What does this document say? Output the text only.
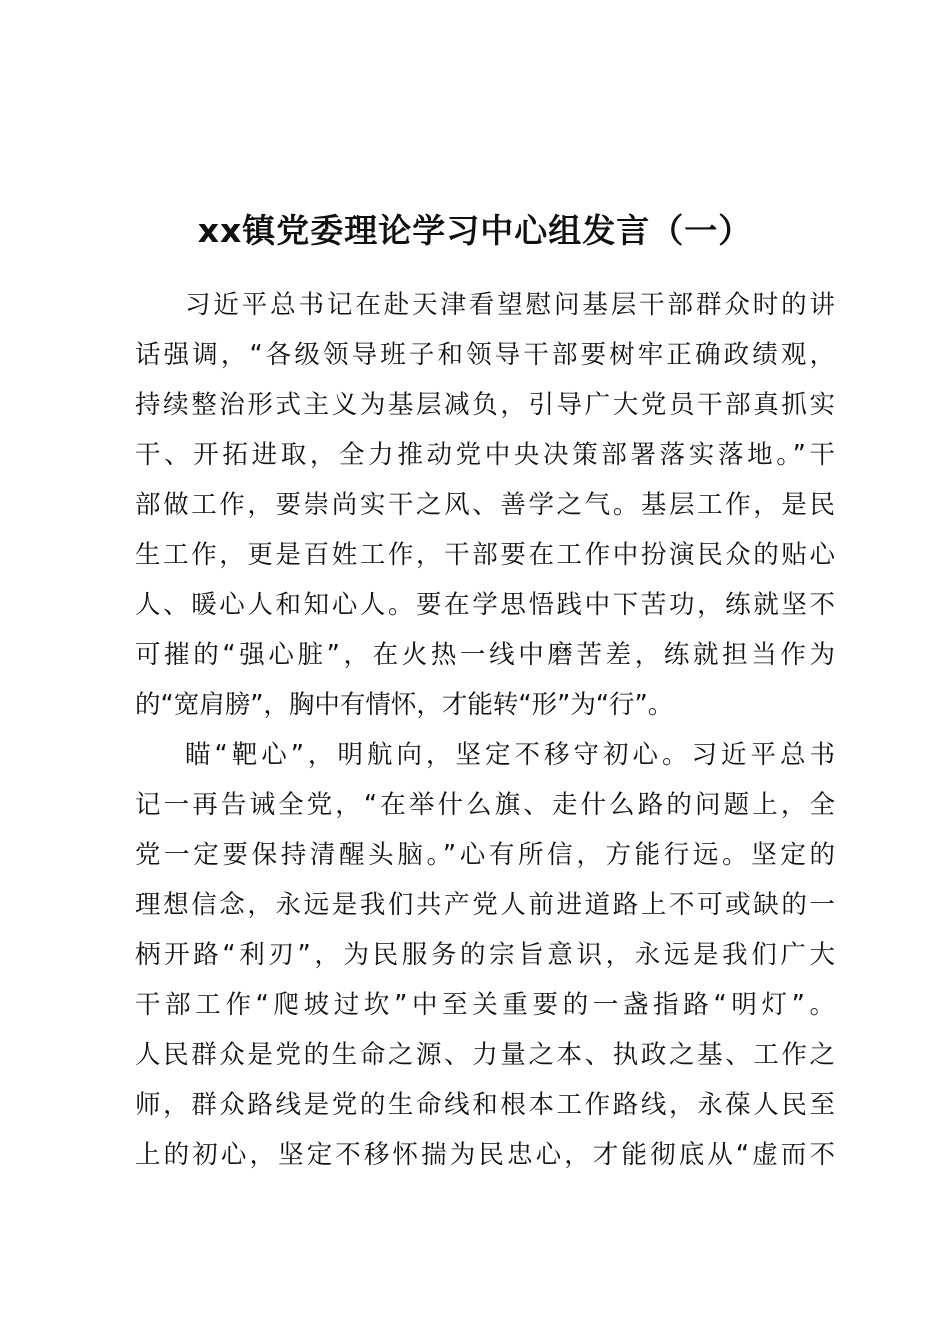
xx镇党委理论学习中心组发言（一）
习近平总书记在赴天津看望慰问基层干部群众时的讲
话强调，“各级领导班子和领导干部要树牢正确政绩观，
持续整治形式主义为基层减负，引导广大党员干部真抓实
干、开拓进取，全力推动党中央决策部署落实落地。”干
部做工作，要崇尚实干之风、善学之气。基层工作，是民
生工作，更是百姓工作，干部要在工作中扮演民众的贴心
人、暖心人和知心人。要在学思悟践中下苦功，练就坚不
可摧的“强心脏”，在火热一线中磨苦差，练就担当作为
的“宽肩膀”，胸中有情怀，才能转“形”为“行”。
瞄“靶心”，明航向，坚定不移守初心。习近平总书
记一再告诫全党，“在举什么旗、走什么路的问题上，全
党一定要保持清醒头脑。”心有所信，方能行远。坚定的
理想信念，永远是我们共产党人前进道路上不可或缺的一
柄开路“利刃”，为民服务的宗旨意识，永远是我们广大
干部工作“爬坡过坎”中至关重要的一盏指路“明灯”。
人民群众是党的生命之源、力量之本、执政之基、工作之
师，群众路线是党的生命线和根本工作路线，永葆人民至
上的初心，坚定不移怀揣为民忠心，才能彻底从“虚而不
